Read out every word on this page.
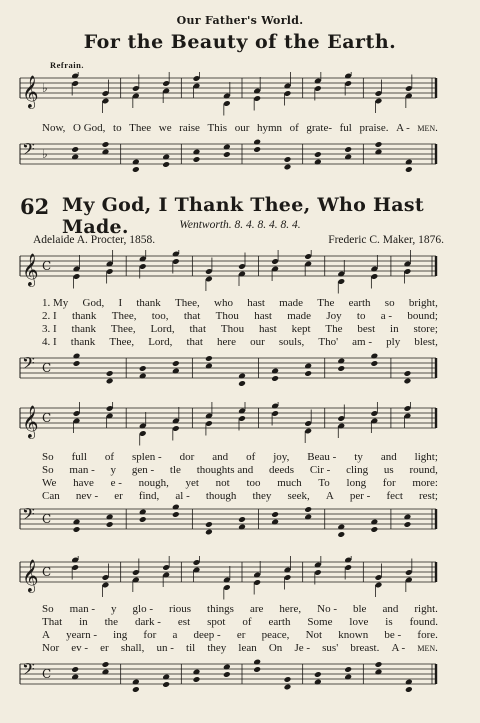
Our Father's World.
For the Beauty of the Earth.
Refrain.
𝄞 ♭
Now, O God, to Thee we raise This our hymn of grate- ful praise. A - men.
𝄢 ♭
62 My God, I Thank Thee, Who Hast Made.	Wentworth. 8. 4. 8. 4. 8. 4.
Adelaide A. Procter, 1858.	Frederic C. Maker, 1876.
𝄞 C
1. My God, I thank Thee, who hast made The earth so bright,
2. I thank Thee, too, that Thou hast made Joy to a - bound;
3. I thank Thee, Lord, that Thou hast kept The best in store;
4. I thank Thee, Lord, that here our souls, Tho' am - ply blest,
𝄢 C
𝄞 C
So full of splen - dor and of joy, Beau - ty and light;
So man - y gen - tle thoughts and deeds Cir - cling us round,
We have e - nough, yet not too much To long for more:
Can nev - er find, al - though they seek, A per - fect rest;
𝄢 C
𝄞 C
So man - y glo - rious things are here, No - ble and right.
That in the dark - est spot of earth Some love is found.
A yearn - ing for a deep - er peace, Not known be - fore.
Nor ev - er shall, un - til they lean On Je - sus' breast. A - men.
𝄢 C
